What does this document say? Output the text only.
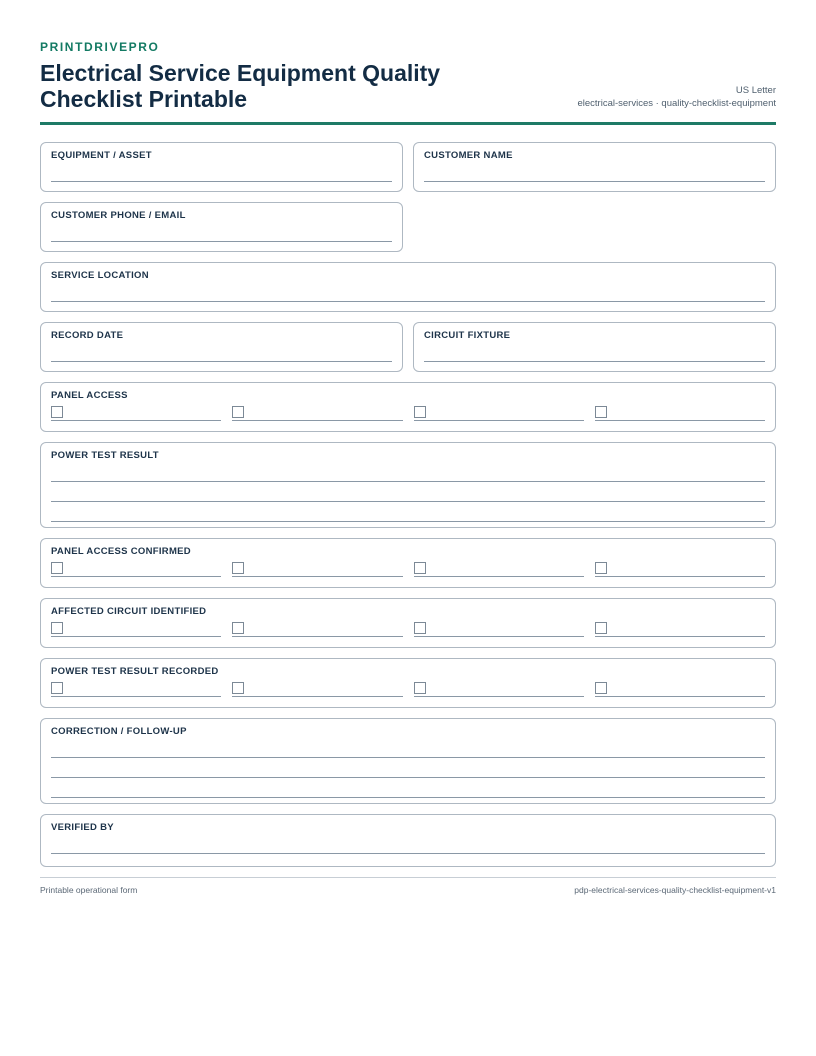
PRINTDRIVEPRO
Electrical Service Equipment Quality Checklist Printable	US Letter
electrical-services · quality-checklist-equipment
EQUIPMENT / ASSET	CUSTOMER NAME
CUSTOMER PHONE / EMAIL
SERVICE LOCATION
RECORD DATE	CIRCUIT FIXTURE
PANEL ACCESS
POWER TEST RESULT
PANEL ACCESS CONFIRMED
AFFECTED CIRCUIT IDENTIFIED
POWER TEST RESULT RECORDED
CORRECTION / FOLLOW-UP
VERIFIED BY
Printable operational form	pdp-electrical-services-quality-checklist-equipment-v1
